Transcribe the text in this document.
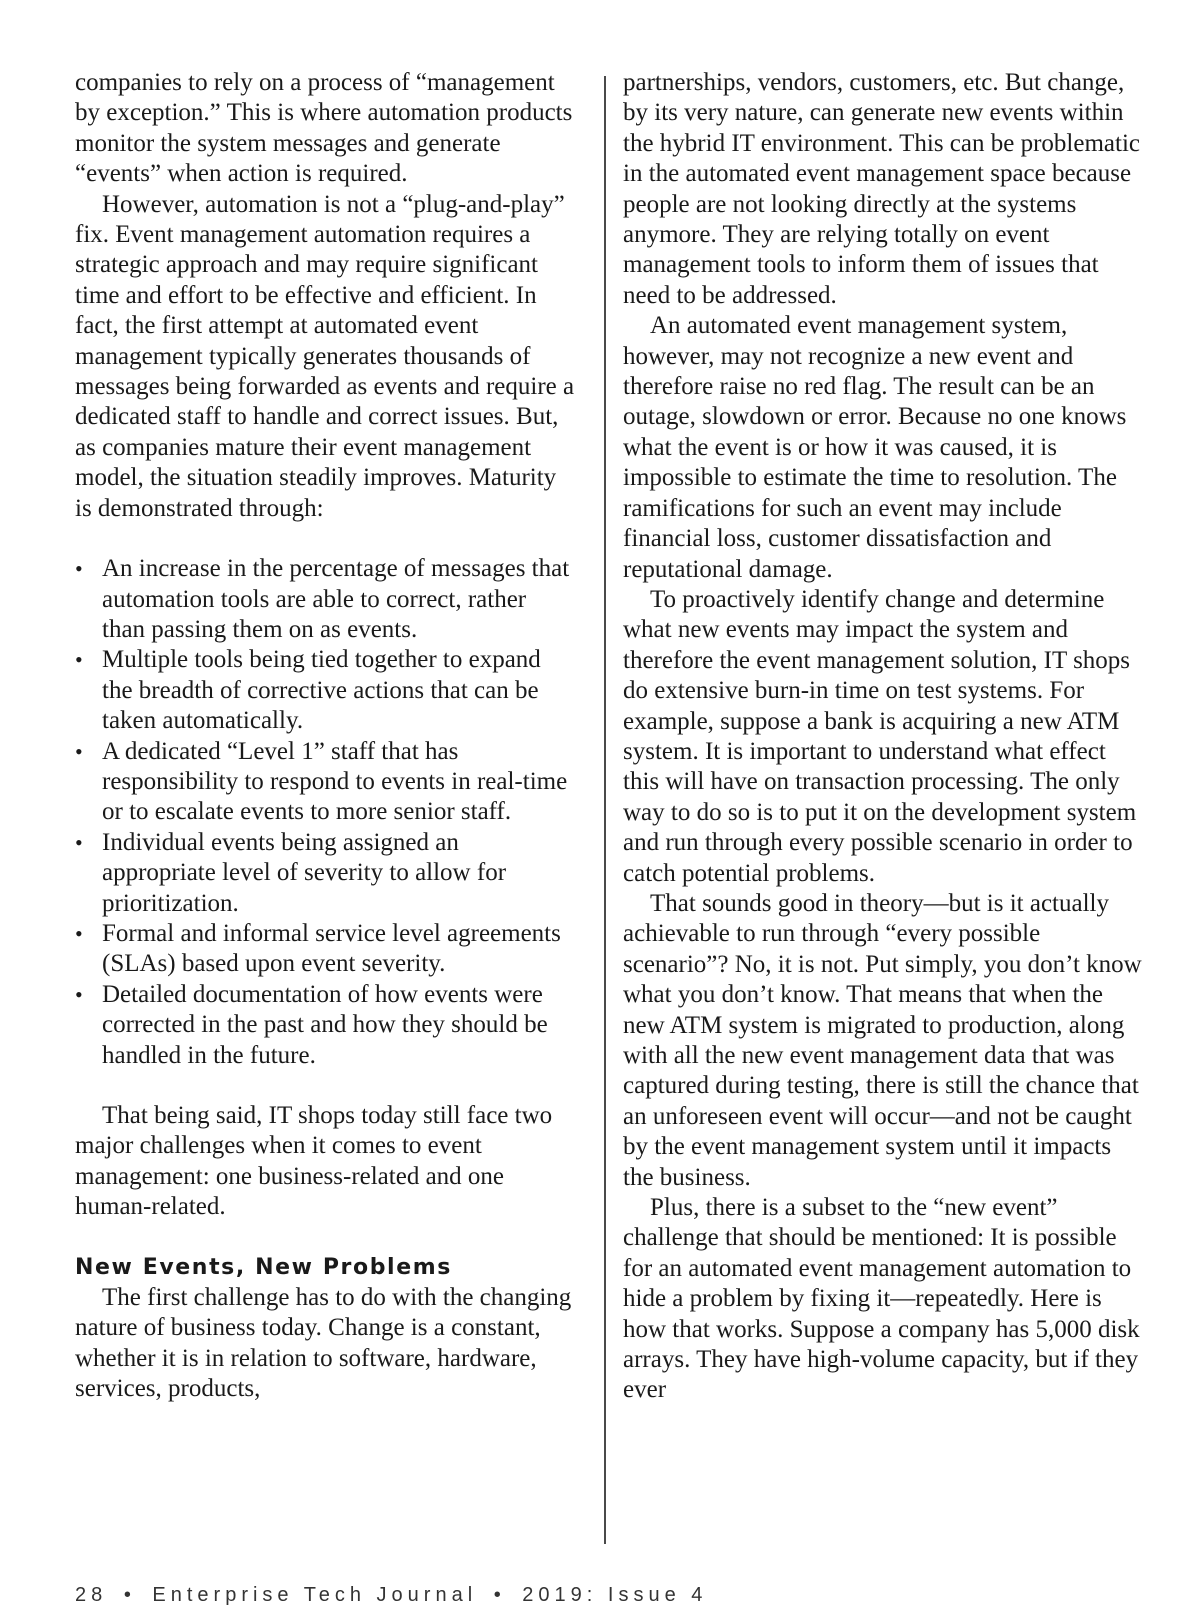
companies to rely on a process of “management by exception.” This is where automation products monitor the system messages and generate “events” when action is required.

However, automation is not a “plug-and-play” fix. Event management automation requires a strategic approach and may require significant time and effort to be effective and efficient. In fact, the first attempt at automated event management typically generates thousands of messages being forwarded as events and require a dedicated staff to handle and correct issues. But, as companies mature their event management model, the situation steadily improves. Maturity is demonstrated through:

• An increase in the percentage of messages that automation tools are able to correct, rather than passing them on as events.
• Multiple tools being tied together to expand the breadth of corrective actions that can be taken automatically.
• A dedicated “Level 1” staff that has responsibility to respond to events in real-time or to escalate events to more senior staff.
• Individual events being assigned an appropriate level of severity to allow for prioritization.
• Formal and informal service level agreements (SLAs) based upon event severity.
• Detailed documentation of how events were corrected in the past and how they should be handled in the future.

That being said, IT shops today still face two major challenges when it comes to event management: one business-related and one human-related.

New Events, New Problems

The first challenge has to do with the changing nature of business today. Change is a constant, whether it is in relation to software, hardware, services, products,

partnerships, vendors, customers, etc. But change, by its very nature, can generate new events within the hybrid IT environment. This can be problematic in the automated event management space because people are not looking directly at the systems anymore. They are relying totally on event management tools to inform them of issues that need to be addressed.

An automated event management system, however, may not recognize a new event and therefore raise no red flag. The result can be an outage, slowdown or error. Because no one knows what the event is or how it was caused, it is impossible to estimate the time to resolution. The ramifications for such an event may include financial loss, customer dissatisfaction and reputational damage.

To proactively identify change and determine what new events may impact the system and therefore the event management solution, IT shops do extensive burn-in time on test systems. For example, suppose a bank is acquiring a new ATM system. It is important to understand what effect this will have on transaction processing. The only way to do so is to put it on the development system and run through every possible scenario in order to catch potential problems.

That sounds good in theory—but is it actually achievable to run through “every possible scenario”? No, it is not. Put simply, you don’t know what you don’t know. That means that when the new ATM system is migrated to production, along with all the new event management data that was captured during testing, there is still the chance that an unforeseen event will occur—and not be caught by the event management system until it impacts the business.

Plus, there is a subset to the “new event” challenge that should be mentioned: It is possible for an automated event management automation to hide a problem by fixing it—repeatedly. Here is how that works. Suppose a company has 5,000 disk arrays. They have high-volume capacity, but if they ever

28 • Enterprise Tech Journal • 2019: Issue 4
